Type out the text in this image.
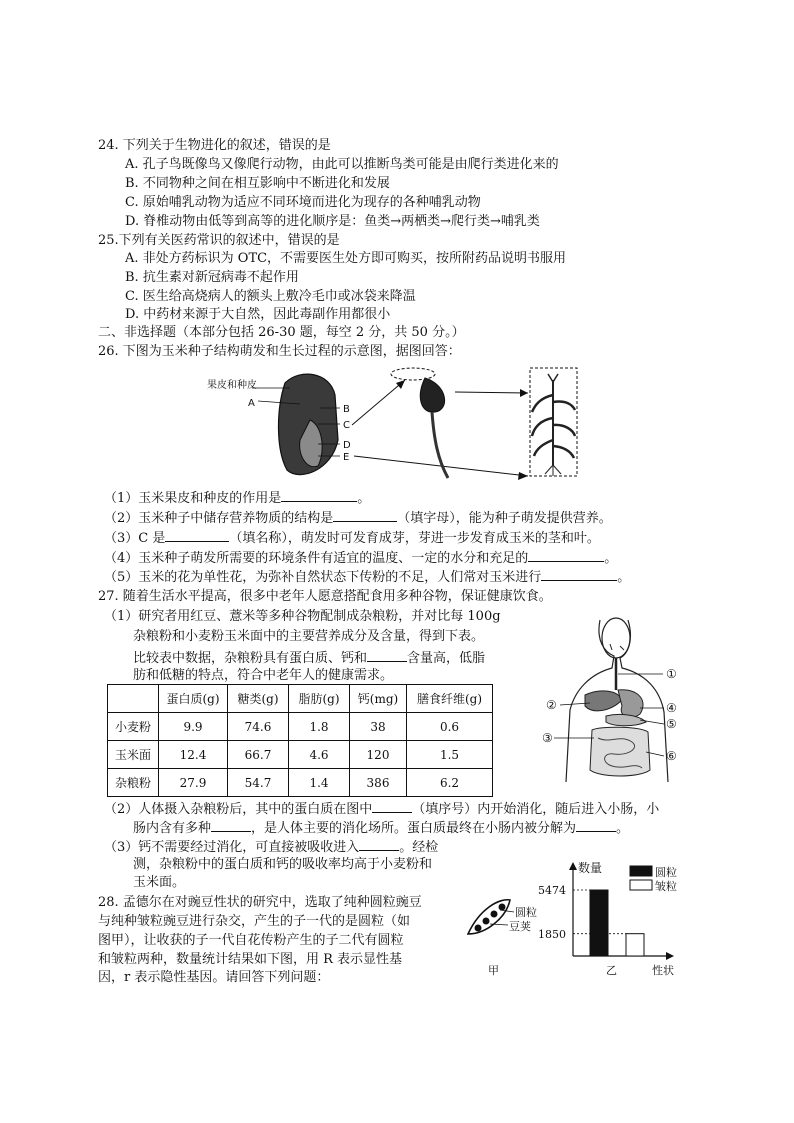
24. 下列关于生物进化的叙述，错误的是
A. 孔子鸟既像鸟又像爬行动物，由此可以推断鸟类可能是由爬行类进化来的
B. 不同物种之间在相互影响中不断进化和发展
C. 原始哺乳动物为适应不同环境而进化为现存的各种哺乳动物
D. 脊椎动物由低等到高等的进化顺序是：鱼类→两栖类→爬行类→哺乳类
25.下列有关医药常识的叙述中，错误的是
A. 非处方药标识为 OTC，不需要医生处方即可购买，按所附药品说明书服用
B. 抗生素对新冠病毒不起作用
C. 医生给高烧病人的额头上敷冷毛巾或冰袋来降温
D. 中药材来源于大自然，因此毒副作用都很小
二、非选择题（本部分包括 26-30 题，每空 2 分，共 50 分。）
26. 下图为玉米种子结构萌发和生长过程的示意图，据图回答：
果皮和种皮
A
B
C
D
E
（1）玉米果皮和种皮的作用是	。
（2）玉米种子中储存营养物质的结构是	（填字母），能为种子萌发提供营养。
（3）C 是	（填名称），萌发时可发育成芽，芽进一步发育成玉米的茎和叶。
（4）玉米种子萌发所需要的环境条件有适宜的温度、一定的水分和充足的	。
（5）玉米的花为单性花，为弥补自然状态下传粉的不足，人们常对玉米进行	。
27. 随着生活水平提高，很多中老年人愿意搭配食用多种谷物，保证健康饮食。
（1）研究者用红豆、薏米等多种谷物配制成杂粮粉，并对比每 100g
杂粮粉和小麦粉玉米面中的主要营养成分及含量，得到下表。
比较表中数据，杂粮粉具有蛋白质、钙和	含量高，低脂
肪和低糖的特点，符合中老年人的健康需求。
	蛋白质(g)	糖类(g)	脂肪(g)	钙(mg)	膳食纤维(g)
小麦粉	9.9	74.6	1.8	38	0.6
玉米面	12.4	66.7	4.6	120	1.5
杂粮粉	27.9	54.7	1.4	386	6.2
①
②
③
④
⑤
⑥
（2）人体摄入杂粮粉后，其中的蛋白质在图中	（填序号）内开始消化，随后进入小肠，小
肠内含有多种	，是人体主要的消化场所。蛋白质最终在小肠内被分解为	。
（3）钙不需要经过消化，可直接被吸收进入	。经检
测，杂粮粉中的蛋白质和钙的吸收率均高于小麦粉和
玉米面。
28. 孟德尔在对豌豆性状的研究中，选取了纯种圆粒豌豆
与纯种皱粒豌豆进行杂交，产生的子一代的是圆粒（如
图甲），让收获的子一代自花传粉产生的子二代有圆粒
和皱粒两种，数量统计结果如下图，用 R 表示显性基
因，r 表示隐性基因。请回答下列问题：
圆粒
豆荚
甲
数量
5474
1850
圆粒
皱粒
乙	性状
